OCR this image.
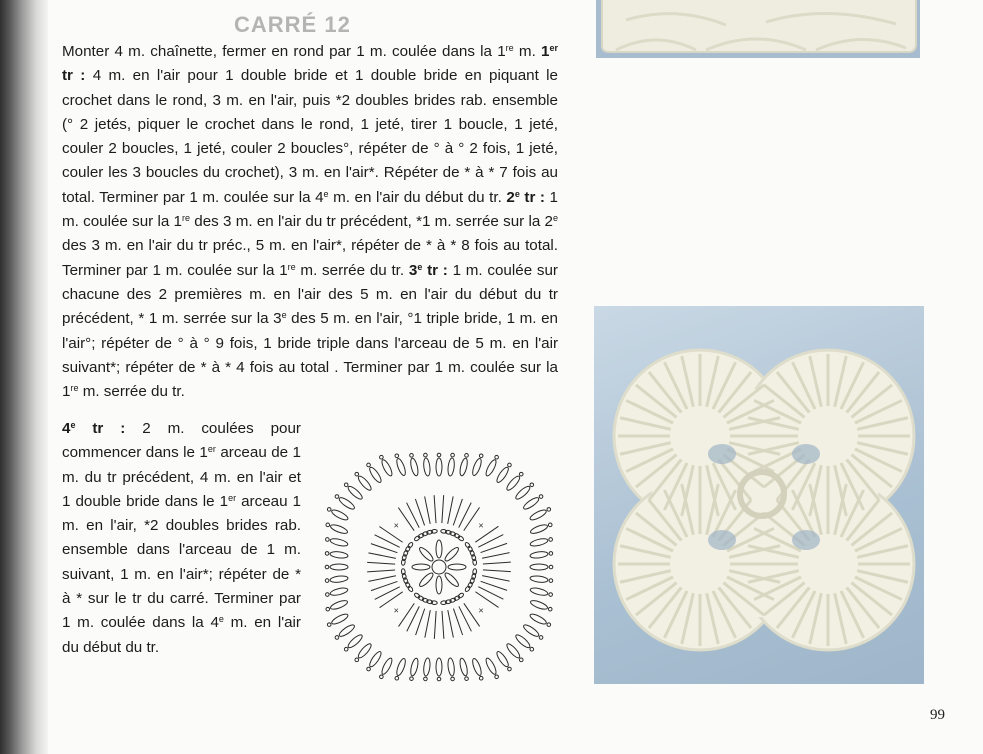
CARRÉ 12

Monter 4 m. chaînette, fermer en rond par 1 m. coulée dans la 1re m. 1er tr : 4 m. en l'air pour 1 double bride et 1 double bride en piquant le crochet dans le rond, 3 m. en l'air, puis *2 doubles brides rab. ensemble (° 2 jetés, piquer le crochet dans le rond, 1 jeté, tirer 1 boucle, 1 jeté, couler 2 boucles, 1 jeté, couler 2 boucles°, répéter de ° à ° 2 fois, 1 jeté, couler les 3 boucles du crochet), 3 m. en l'air*. Répéter de * à * 7 fois au total. Terminer par 1 m. coulée sur la 4e m. en l'air du début du tr. 2e tr : 1 m. coulée sur la 1re des 3 m. en l'air du tr précédent, *1 m. serrée sur la 2e des 3 m. en l'air du tr préc., 5 m. en l'air*, répéter de * à * 8 fois au total. Terminer par 1 m. coulée sur la 1re m. serrée du tr. 3e tr : 1 m. coulée sur chacune des 2 premières m. en l'air des 5 m. en l'air du début du tr précédent, * 1 m. serrée sur la 3e des 5 m. en l'air, °1 triple bride, 1 m. en l'air°; répéter de ° à ° 9 fois, 1 bride triple dans l'arceau de 5 m. en l'air suivant*; répéter de * à * 4 fois au total . Terminer par 1 m. coulée sur la 1re m. serrée du tr.

4e tr : 2 m. coulées pour commencer dans le 1er arceau de 1 m. du tr précédent, 4 m. en l'air et 1 double bride dans le 1er arceau 1 m. en l'air, *2 doubles brides rab. ensemble dans l'arceau de 1 m. suivant, 1 m. en l'air*; répéter de * à * sur le tr du carré. Terminer par 1 m. coulée dans la 4e m. en l'air du début du tr.
×
×
×	×
99
